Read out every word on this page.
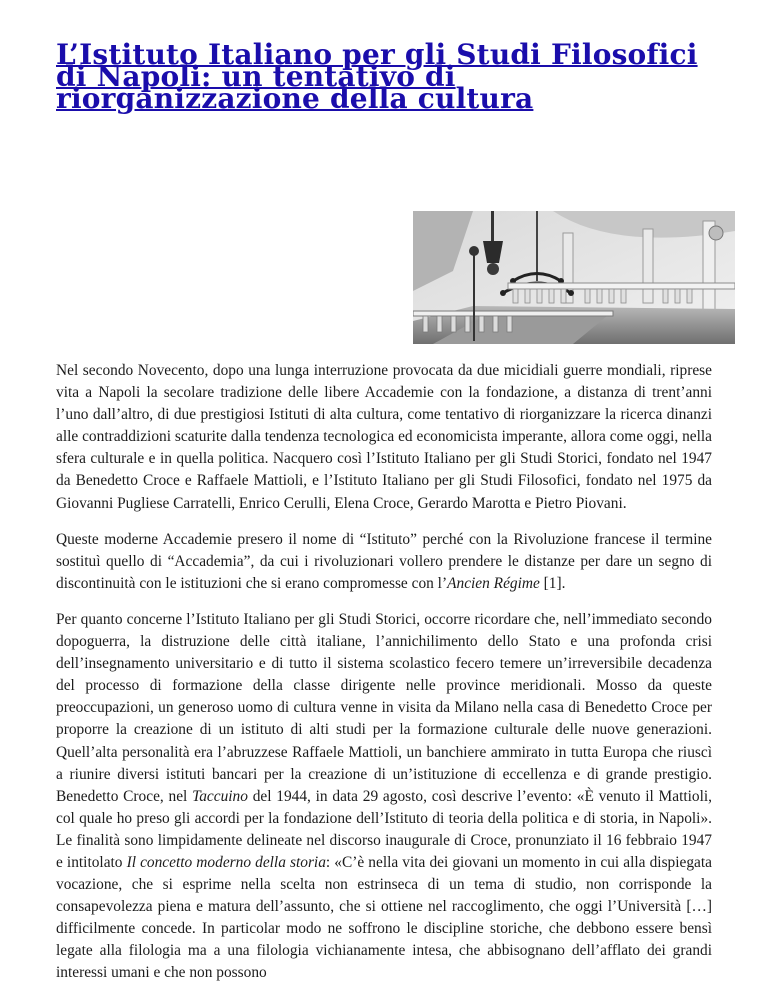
L’Istituto Italiano per gli Studi Filosofici di Napoli: un tentativo di riorganizzazione della cultura

Nel secondo Novecento, dopo una lunga interruzione provocata da due micidiali guerre mondiali, riprese vita a Napoli la secolare tradizione delle libere Accademie con la fondazione, a distanza di trent’anni l’uno dall’altro, di due prestigiosi Istituti di alta cultura, come tentativo di riorganizzare la ricerca dinanzi alle contraddizioni scaturite dalla tendenza tecnologica ed economicista imperante, allora come oggi, nella sfera culturale e in quella politica. Nacquero così l’Istituto Italiano per gli Studi Storici, fondato nel 1947 da Benedetto Croce e Raffaele Mattioli, e l’Istituto Italiano per gli Studi Filosofici, fondato nel 1975 da Giovanni Pugliese Carratelli, Enrico Cerulli, Elena Croce, Gerardo Marotta e Pietro Piovani.

Queste moderne Accademie presero il nome di “Istituto” perché con la Rivoluzione francese il termine sostituì quello di “Accademia”, da cui i rivoluzionari vollero prendere le distanze per dare un segno di discontinuità con le istituzioni che si erano compromesse con l’Ancien Régime [1].

Per quanto concerne l’Istituto Italiano per gli Studi Storici, occorre ricordare che, nell’immediato secondo dopoguerra, la distruzione delle città italiane, l’annichilimento dello Stato e una profonda crisi dell’insegnamento universitario e di tutto il sistema scolastico fecero temere un’irreversibile decadenza del processo di formazione della classe dirigente nelle province meridionali. Mosso da queste preoccupazioni, un generoso uomo di cultura venne in visita da Milano nella casa di Benedetto Croce per proporre la creazione di un istituto di alti studi per la formazione culturale delle nuove generazioni. Quell’alta personalità era l’abruzzese Raffaele Mattioli, un banchiere ammirato in tutta Europa che riuscì a riunire diversi istituti bancari per la creazione di un’istituzione di eccellenza e di grande prestigio. Benedetto Croce, nel Taccuino del 1944, in data 29 agosto, così descrive l’evento: «È venuto il Mattioli, col quale ho preso gli accordi per la fondazione dell’Istituto di teoria della politica e di storia, in Napoli». Le finalità sono limpidamente delineate nel discorso inaugurale di Croce, pronunziato il 16 febbraio 1947 e intitolato Il concetto moderno della storia: «C’è nella vita dei giovani un momento in cui alla dispiegata vocazione, che si esprime nella scelta non estrinseca di un tema di studio, non corrisponde la consapevolezza piena e matura dell’assunto, che si ottiene nel raccoglimento, che oggi l’Università […] difficilmente concede. In particolar modo ne soffrono le discipline storiche, che debbono essere bensì legate alla filologia ma a una filologia vichianamente intesa, che abbisognano dell’afflato dei grandi interessi umani e che non possono
